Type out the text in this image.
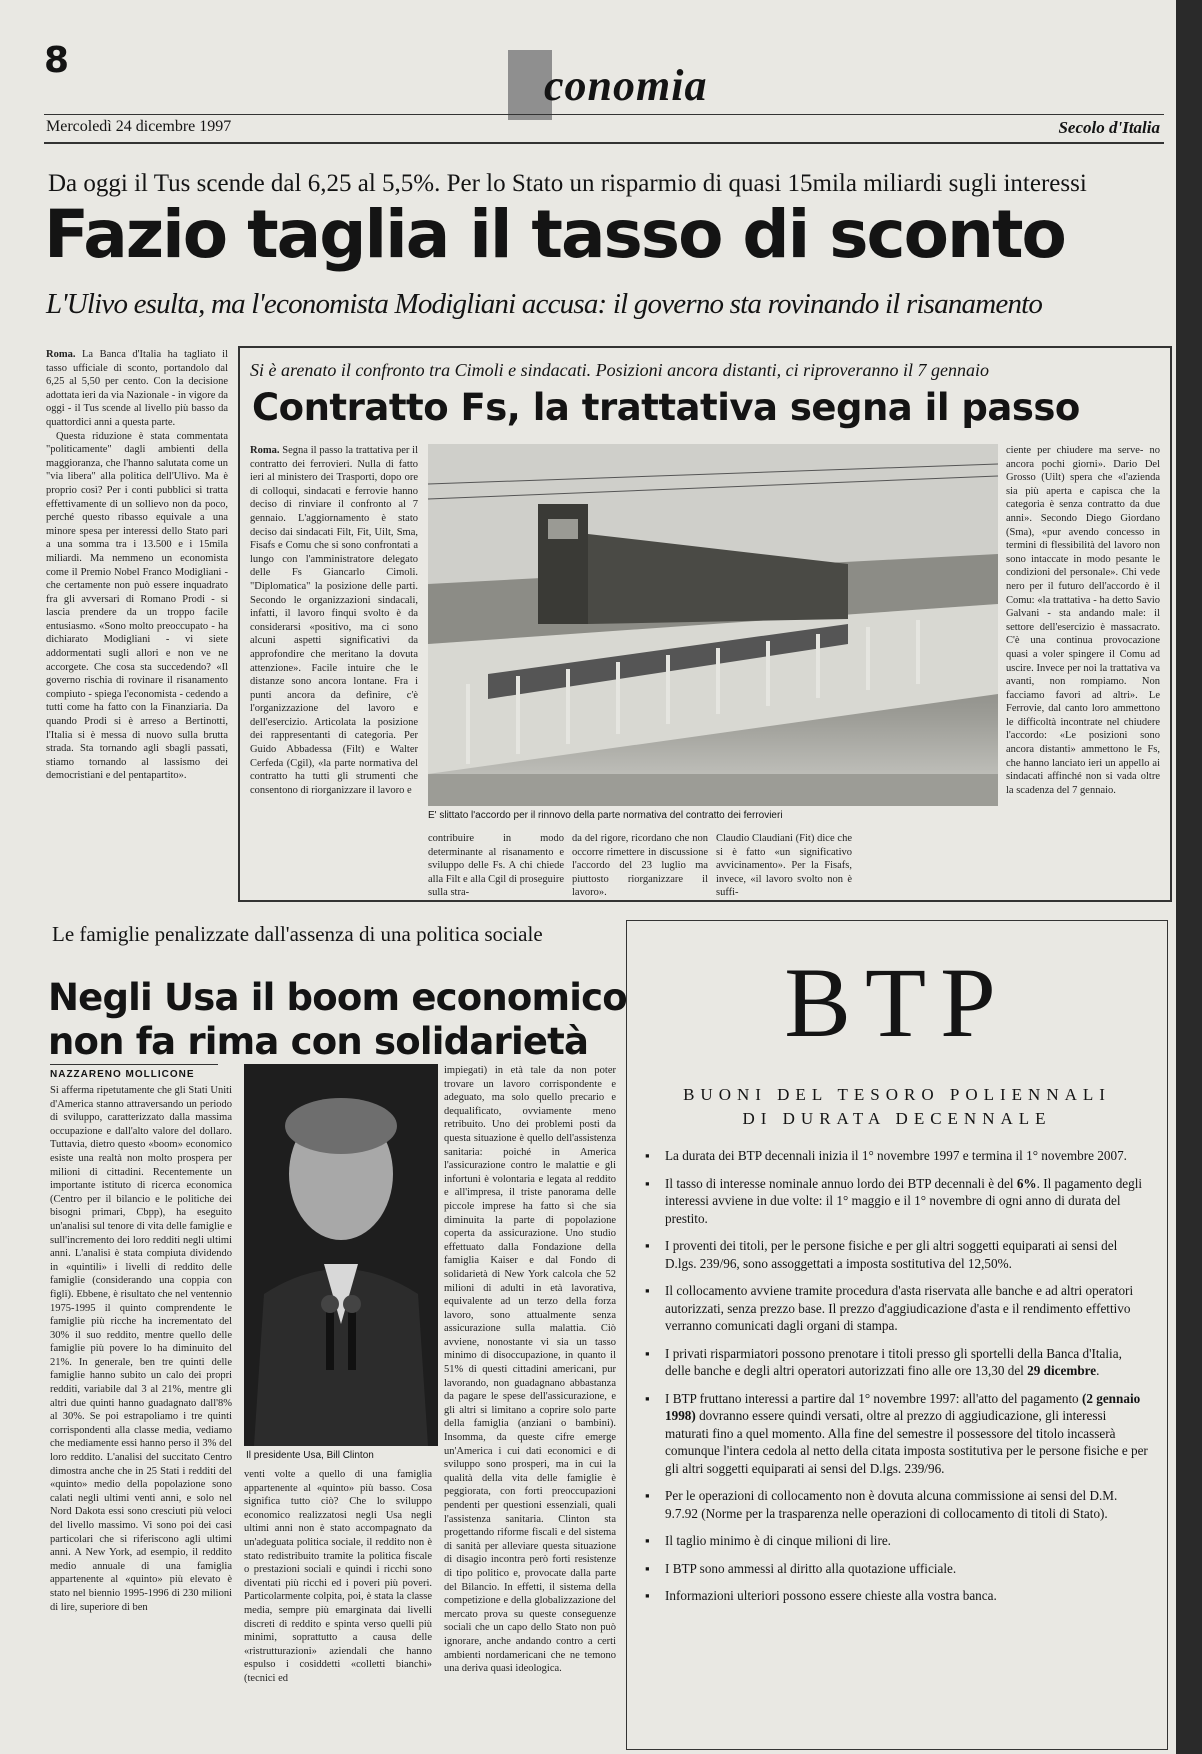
8
conomia
Mercoledì 24 dicembre 1997	Secolo d'Italia
Da oggi il Tus scende dal 6,25 al 5,5%. Per lo Stato un risparmio di quasi 15mila miliardi sugli interessi
Fazio taglia il tasso di sconto
L'Ulivo esulta, ma l'economista Modigliani accusa: il governo sta rovinando il risanamento
Roma. La Banca d'Italia ha tagliato il tasso ufficiale di sconto, portandolo dal 6,25 al 5,50 per cento. Con la decisione adottata ieri da via Nazionale - in vigore da oggi - il Tus scende al livello più basso da quattordici anni a questa parte.
Questa riduzione è stata commentata "politicamente" dagli ambienti della maggioranza, che l'hanno salutata come un "via libera" alla politica dell'Ulivo. Ma è proprio così? Per i conti pubblici si tratta effettivamente di un sollievo non da poco, perché questo ribasso equivale a una minore spesa per interessi dello Stato pari a una somma tra i 13.500 e i 15mila miliardi. Ma nemmeno un economista come il Premio Nobel Franco Modigliani - che certamente non può essere inquadrato fra gli avversari di Romano Prodi - si lascia prendere da un troppo facile entusiasmo. «Sono molto preoccupato - ha dichiarato Modigliani - vi siete addormentati sugli allori e non ve ne accorgete. Che cosa sta succedendo? «Il governo rischia di rovinare il risanamento compiuto - spiega l'economista - cedendo a tutti come ha fatto con la Finanziaria. Da quando Prodi si è arreso a Bertinotti, l'Italia si è messa di nuovo sulla brutta strada. Sta tornando agli sbagli passati, stiamo tornando al lassismo dei democristiani e del pentapartito».
Si è arenato il confronto tra Cimoli e sindacati. Posizioni ancora distanti, ci riproveranno il 7 gennaio
Contratto Fs, la trattativa segna il passo
Roma. Segna il passo la trattativa per il contratto dei ferrovieri. Nulla di fatto ieri al ministero dei Trasporti, dopo ore di colloqui, sindacati e ferrovie hanno deciso di rinviare il confronto al 7 gennaio. L'aggiornamento è stato deciso dai sindacati Filt, Fit, Uilt, Sma, Fisafs e Comu che si sono confrontati a lungo con l'amministratore delegato delle Fs Giancarlo Cimoli. "Diplomatica" la posizione delle parti. Secondo le organizzazioni sindacali, infatti, il lavoro finqui svolto è da considerarsi «positivo, ma ci sono alcuni aspetti significativi da approfondire che meritano la dovuta attenzione». Facile intuire che le distanze sono ancora lontane. Fra i punti ancora da definire, c'è l'organizzazione del lavoro e dell'esercizio. Articolata la posizione dei rappresentanti di categoria. Per Guido Abbadessa (Filt) e Walter Cerfeda (Cgil), «la parte normativa del contratto ha tutti gli strumenti che consentono di riorganizzare il lavoro e
E' slittato l'accordo per il rinnovo della parte normativa del contratto dei ferrovieri
contribuire in modo determinante al risanamento e sviluppo delle Fs. A chi chiede alla Filt e alla Cgil di proseguire sulla stra-
da del rigore, ricordano che non occorre rimettere in discussione l'accordo del 23 luglio ma piuttosto riorganizzare il lavoro».
Claudio Claudiani (Fit) dice che si è fatto «un significativo avvicinamento». Per la Fisafs, invece, «il lavoro svolto non è suffi-
ciente per chiudere ma serve- no ancora pochi giorni». Dario Del Grosso (Uilt) spera che «l'azienda sia più aperta e capisca che la categoria è senza contratto da due anni». Secondo Diego Giordano (Sma), «pur avendo concesso in termini di flessibilità del lavoro non sono intaccate in modo pesante le condizioni del personale». Chi vede nero per il futuro dell'accordo è il Comu: «la trattativa - ha detto Savio Galvani - sta andando male: il settore dell'esercizio è massacrato. C'è una continua provocazione quasi a voler spingere il Comu ad uscire. Invece per noi la trattativa va avanti, non rompiamo. Non facciamo favori ad altri». Le Ferrovie, dal canto loro ammettono le difficoltà incontrate nel chiudere l'accordo: «Le posizioni sono ancora distanti» ammettono le Fs, che hanno lanciato ieri un appello ai sindacati affinché non si vada oltre la scadenza del 7 gennaio.
Le famiglie penalizzate dall'assenza di una politica sociale
Negli Usa il boom economico
non fa rima con solidarietà
NAZZARENO MOLLICONE
Si afferma ripetutamente che gli Stati Uniti d'America stanno attraversando un periodo di sviluppo, caratterizzato dalla massima occupazione e dall'alto valore del dollaro. Tuttavia, dietro questo «boom» economico esiste una realtà non molto prospera per milioni di cittadini. Recentemente un importante istituto di ricerca economica (Centro per il bilancio e le politiche dei bisogni primari, Cbpp), ha eseguito un'analisi sul tenore di vita delle famiglie e sull'incremento dei loro redditi negli ultimi anni. L'analisi è stata compiuta dividendo in «quintili» i livelli di reddito delle famiglie (considerando una coppia con figli). Ebbene, è risultato che nel ventennio 1975-1995 il quinto comprendente le famiglie più ricche ha incrementato del 30% il suo reddito, mentre quello delle famiglie più povere lo ha diminuito del 21%. In generale, ben tre quinti delle famiglie hanno subito un calo dei propri redditi, variabile dal 3 al 21%, mentre gli altri due quinti hanno guadagnato dall'8% al 30%. Se poi estrapoliamo i tre quinti corrispondenti alla classe media, vediamo che mediamente essi hanno perso il 3% del loro reddito. L'analisi del succitato Centro dimostra anche che in 25 Stati i redditi del «quinto» medio della popolazione sono calati negli ultimi venti anni, e solo nel Nord Dakota essi sono cresciuti più veloci del livello massimo. Vi sono poi dei casi particolari che si riferiscono agli ultimi anni. A New York, ad esempio, il reddito medio annuale di una famiglia appartenente al «quinto» più elevato è stato nel biennio 1995-1996 di 230 milioni di lire, superiore di ben
Il presidente Usa, Bill Clinton
venti volte a quello di una famiglia appartenente al «quinto» più basso. Cosa significa tutto ciò? Che lo sviluppo economico realizzatosi negli Usa negli ultimi anni non è stato accompagnato da un'adeguata politica sociale, il reddito non è stato redistribuito tramite la politica fiscale o prestazioni sociali e quindi i ricchi sono diventati più ricchi ed i poveri più poveri. Particolarmente colpita, poi, è stata la classe media, sempre più emarginata dai livelli discreti di reddito e spinta verso quelli più minimi, soprattutto a causa delle «ristrutturazioni» aziendali che hanno espulso i cosiddetti «colletti bianchi» (tecnici ed
impiegati) in età tale da non poter trovare un lavoro corrispondente e adeguato, ma solo quello precario e dequalificato, ovviamente meno retribuito. Uno dei problemi posti da questa situazione è quello dell'assistenza sanitaria: poiché in America l'assicurazione contro le malattie e gli infortuni è volontaria e legata al reddito e all'impresa, il triste panorama delle piccole imprese ha fatto sì che sia diminuita la parte di popolazione coperta da assicurazione. Uno studio effettuato dalla Fondazione della famiglia Kaiser e dal Fondo di solidarietà di New York calcola che 52 milioni di adulti in età lavorativa, equivalente ad un terzo della forza lavoro, sono attualmente senza assicurazione sulla malattia. Ciò avviene, nonostante vi sia un tasso minimo di disoccupazione, in quanto il 51% di questi cittadini americani, pur lavorando, non guadagnano abbastanza da pagare le spese dell'assicurazione, e gli altri si limitano a coprire solo parte della famiglia (anziani o bambini). Insomma, da queste cifre emerge un'America i cui dati economici e di sviluppo sono prosperi, ma in cui la qualità della vita delle famiglie è peggiorata, con forti preoccupazioni pendenti per questioni essenziali, quali l'assistenza sanitaria. Clinton sta progettando riforme fiscali e del sistema di sanità per alleviare questa situazione di disagio incontra però forti resistenze di tipo politico e, provocate dalla parte del Bilancio. In effetti, il sistema della competizione e della globalizzazione del mercato prova su queste conseguenze sociali che un capo dello Stato non può ignorare, anche andando contro a certi ambienti nordamericani che ne temono una deriva quasi ideologica.
BTP
BUONI DEL TESORO POLIENNALI
DI DURATA DECENNALE
▪ La durata dei BTP decennali inizia il 1° novembre 1997 e termina il 1° novembre 2007.
▪ Il tasso di interesse nominale annuo lordo dei BTP decennali è del 6%. Il pagamento degli interessi avviene in due volte: il 1° maggio e il 1° novembre di ogni anno di durata del prestito.
▪ I proventi dei titoli, per le persone fisiche e per gli altri soggetti equiparati ai sensi del D.lgs. 239/96, sono assoggettati a imposta sostitutiva del 12,50%.
▪ Il collocamento avviene tramite procedura d'asta riservata alle banche e ad altri operatori autorizzati, senza prezzo base. Il prezzo d'aggiudicazione d'asta e il rendimento effettivo verranno comunicati dagli organi di stampa.
▪ I privati risparmiatori possono prenotare i titoli presso gli sportelli della Banca d'Italia, delle banche e degli altri operatori autorizzati fino alle ore 13,30 del 29 dicembre.
▪ I BTP fruttano interessi a partire dal 1° novembre 1997: all'atto del pagamento (2 gennaio 1998) dovranno essere quindi versati, oltre al prezzo di aggiudicazione, gli interessi maturati fino a quel momento. Alla fine del semestre il possessore del titolo incasserà comunque l'intera cedola al netto della citata imposta sostitutiva per le persone fisiche e per gli altri soggetti equiparati ai sensi del D.lgs. 239/96.
▪ Per le operazioni di collocamento non è dovuta alcuna commissione ai sensi del D.M. 9.7.92 (Norme per la trasparenza nelle operazioni di collocamento di titoli di Stato).
▪ Il taglio minimo è di cinque milioni di lire.
▪ I BTP sono ammessi al diritto alla quotazione ufficiale.
▪ Informazioni ulteriori possono essere chieste alla vostra banca.
